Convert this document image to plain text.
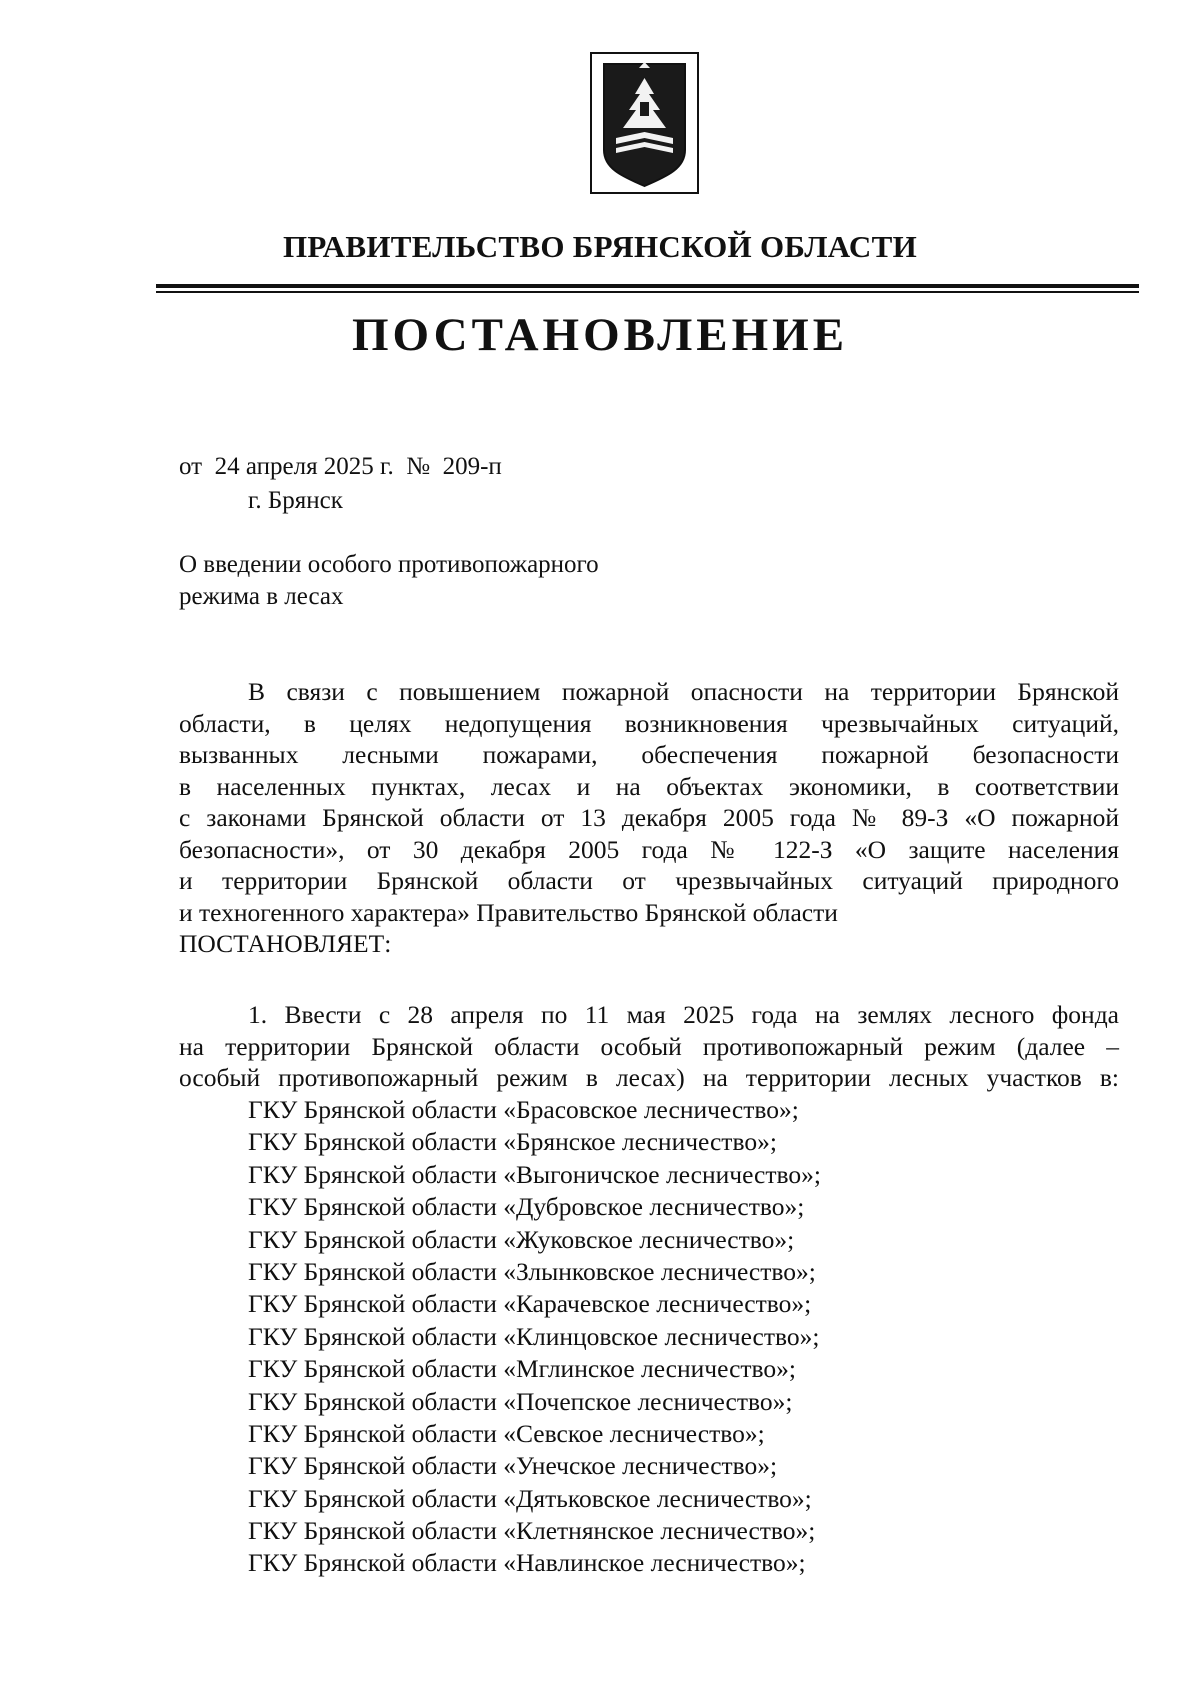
ПРАВИТЕЛЬСТВО БРЯНСКОЙ ОБЛАСТИ
ПОСТАНОВЛЕНИЕ

от  24 апреля 2025 г.  №  209-п

г. Брянск

О введении особого противопожарного
режима в лесах

В связи с повышением пожарной опасности на территории Брянской
области, в целях недопущения возникновения чрезвычайных ситуаций,
вызванных лесными пожарами, обеспечения пожарной безопасности
в населенных пунктах, лесах и на объектах экономики, в соответствии
с законами Брянской области от 13 декабря 2005 года № 89-З «О пожарной
безопасности», от 30 декабря 2005 года № 122-З «О защите населения
и территории Брянской области от чрезвычайных ситуаций природного
и техногенного характера» Правительство Брянской области
ПОСТАНОВЛЯЕТ:
1. Ввести с 28 апреля по 11 мая 2025 года на землях лесного фонда
на территории Брянской области особый противопожарный режим (далее –
особый противопожарный режим в лесах) на территории лесных участков в:
ГКУ Брянской области «Брасовское лесничество»;
ГКУ Брянской области «Брянское лесничество»;
ГКУ Брянской области «Выгоничское лесничество»;
ГКУ Брянской области «Дубровское лесничество»;
ГКУ Брянской области «Жуковское лесничество»;
ГКУ Брянской области «Злынковское лесничество»;
ГКУ Брянской области «Карачевское лесничество»;
ГКУ Брянской области «Клинцовское лесничество»;
ГКУ Брянской области «Мглинское лесничество»;
ГКУ Брянской области «Почепское лесничество»;
ГКУ Брянской области «Севское лесничество»;
ГКУ Брянской области «Унечское лесничество»;
ГКУ Брянской области «Дятьковское лесничество»;
ГКУ Брянской области «Клетнянское лесничество»;
ГКУ Брянской области «Навлинское лесничество»;
